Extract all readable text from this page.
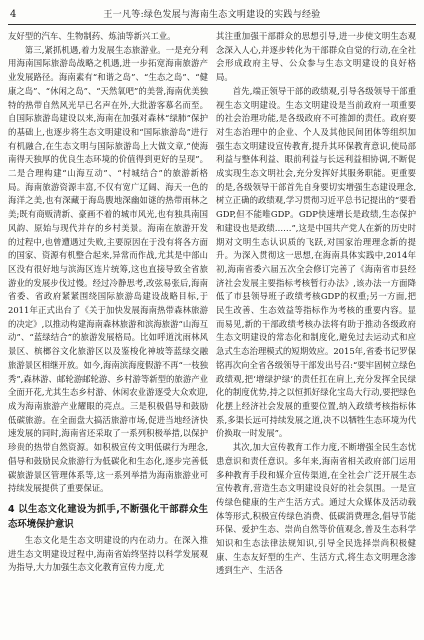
4	王一凡等:绿色发展与海南生态文明建设的实践与经验

友好型的汽车、生物制药、炼油等新兴工业。

第三,紧抓机遇,着力发展生态旅游业。一是充分利用海南国际旅游岛战略之机遇,进一步拓宽海南旅游产业发展路径。海南素有“和谐之岛”、“生态之岛”、“健康之岛”、“休闲之岛”、“天然氧吧”的美誉,海南优美独特的热带自然风光早已名声在外,大批游客慕名而至。自国际旅游岛建设以来,海南在加强对森林“绿肺”保护的基础上,也逐步将生态文明建设和“国际旅游岛”进行有机融合,在生态文明与国际旅游岛上大做文章,“使海南得天独厚的优良生态环境的价值得到更好的呈现”。二是合理构建“山海互动”、“村城结合”的旅游新格局。海南旅游资源丰富,不仅有宽广辽阔、海天一色的海洋之美,也有深藏于海岛腹地深幽如谜的热带雨林之美;既有商贩清新、豪画不着的城市风光,也有独具南国风韵、原始与现代并存的乡村美景。海南在旅游开发的过程中,也曾遭遇过失败,主要原因在于没有将各方面的国家、资源有机整合起来,异常而作战,尤其是中部山区没有很好地与滨海区连片统筹,这也直接导致全省旅游业的发展步伐过慢。经过冷静思考,改弦易张后,海南省委、省政府紧紧围绕国际旅游岛建设战略目标,于2011年正式出台了《关于加快发展海南热带森林旅游的决定》,以推动构建海南森林旅游和滨海旅游“山海互动”、“蓝绿结合”的旅游发展格局。比如呼道沈雨林风景区、槟榔谷文化旅游区以及鉴梭化神坡等蓝绿交融旅游景区相继开放。如今,海南滨海度假游不再“一枝独秀”,森林游、邮轮游邮轮游、乡村游等新型的旅游产业全面开花,尤其生态乡村游、休闲农业游逐受大众欢迎,成为海南旅游产业耀眼的亮点。三是积极倡导和鼓励低碳旅游。在全面盘大搞活旅游市场,促进当地经济快速发展的同时,海南省还采取了一系列积极举措,以保护珍贵的热带自然资源。如积极宣传文明低碳行为理念,倡导和鼓励民众旅游行为低碳化和生态化,逐步完善低碳旅游景区管理体系等,这一系列举措为海南旅游业可持续发展提供了重要保证。

4 以生态文化建设为抓手,不断强化干部群众生态环境保护意识

生态文化是生态文明建设的内在动力。在深入推进生态文明建设过程中,海南省始终坚持以科学发展观为指导,大力加强生态文化教育宣传力度,尤

其注重加强干部群众的思想引导,进一步使文明生态观念深入人心,并逐步转化为干部群众自觉的行动,在全社会形成政府主导、公众参与生态文明建设的良好格局。

首先,端正领导干部的政绩观,引导各级领导干部重视生态文明建设。生态文明建设是当前政府一项重要的社会治理功能,是各级政府不可推卸的责任。政府要对生态治理中的企业、个人及其他民间团体等组织加强生态文明建设宣传教育,提升其环保教育意识,使局部利益与整体利益、眼前利益与长远利益相协调,不断促成实现生态文明社会,充分发挥好其服务职能。更重要的是,各级领导干部首先自身要切实增强生态建设理念,树立正确的政绩观,学习贯彻习近平总书记提出的“要看GDP,但不能唯GDP。GDP快速增长是政绩,生态保护和建设也是政绩……”,这是中国共产党人在新的历史时期对文明生态认识质的飞跃,对国家治理理念新的提升。为深入贯彻这一思想,在海南具体实践中,2014年初,海南省委六届五次全会修订完善了《海南省市县经济社会发展主要指标考核暂行办法》,该办法一方面降低了市县领导班子政绩考核GDP的权重;另一方面,把民生改善、生态效益等指标作为考核的重要内容。显而易见,新的干部政绩考核办法将有助于推动各级政府生态文明建设的常态化和制度化,避免过去运动式和应急式生态治理模式的短期效应。2015年,省委书记罗保铭再次向全省各级领导干部发出号召:“要牢固树立绿色政绩观,把‘增绿护绿’的责任扛在肩上,充分发挥全民绿化的制度优势,持之以恒抓好绿化宝岛大行动,要把绿色化摆上经济社会发展的重要位置,纳入政绩考核指标体系,多渠长远可持续发展之道,决不以牺牲生态环境为代价换取一时发展”。

其次,加大宣传教育工作力度,不断增强全民生态忧患意识和责任意识。多年来,海南省相关政府部门运用多种教育手段和媒介宣传渠道,在全社会广泛开展生态宣传教育,营造生态文明建设良好的社会氛围。一是宣传绿色健康的生产生活方式。通过大众媒体及活动载体等形式,积极宣传绿色消费、低碳消费理念,倡导节能环保、爱护生态、崇尚自然等价值观念,普及生态科学知识和生态法律法规知识,引导全民选择崇尚积极健康、生态友好型的生产、生活方式,将生态文明理念渗透到生产、生活各
